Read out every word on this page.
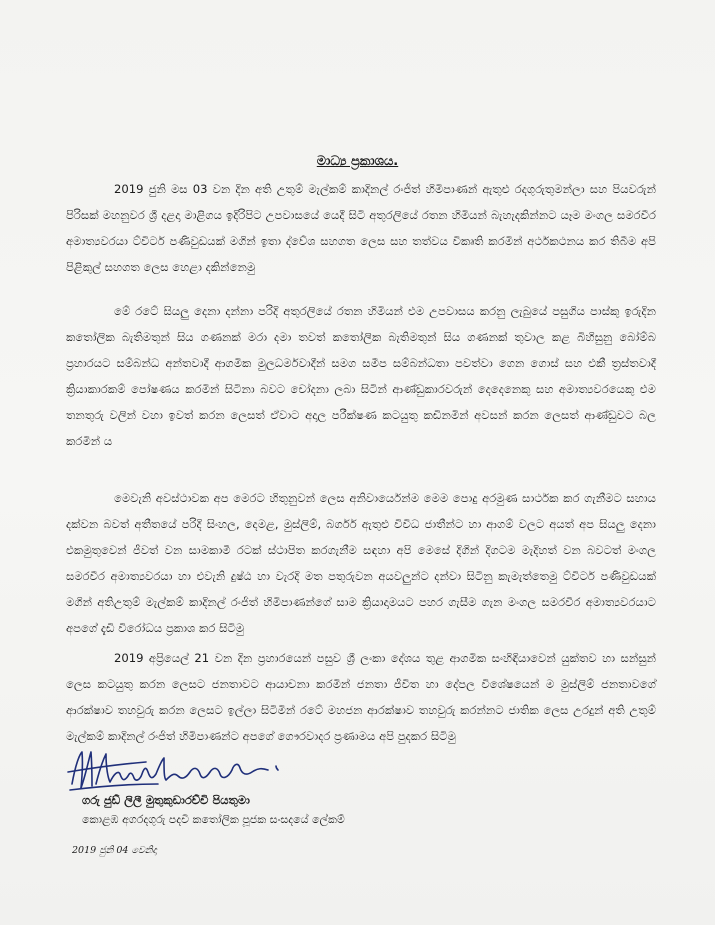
මාධ්‍ය ප්‍රකාශය.

2019 ජුනි මස 03 වන දින අති උතුම් මැල්කම් කාදිනල් රංජිත් හිමිපාණන් ඇතුළු රදගුරුතුමන්ලා සහ පියවරුන් පිරිසක් මහනුවර ශ්‍රී දළදා මාළිගය ඉදිරිපිට උපවාසයේ යෙදී සිටි අතුරලියේ රතන හිමියන් බැහැදකින්නට යෑම මංගල සමරවීර අමාත්‍යවරයා ට්විටර් පණිවුඩයක් මගින් ඉතා ද්වේශ සහගත ලෙස සහ තත්වය විකෘති කරමින් අර්ථකථනය කර තිබීම අපි පිළිකුල් සහගත ලෙස හෙළා දකින්නෙමු

මේ රටේ සියලු දෙනා දන්නා පරිදි අතුරලියේ රතන හිමියන් එම උපවාසය කරනු ලැබුයේ පසුගිය පාස්කු ඉරුදින කතෝලික බැතිමතුන් සිය ගණනක් මරා දමා තවත් කතෝලික බැතිමතුන් සිය ගණනක් තුවාල කළ බිහිසුනු බෝම්බ ප්‍රහාරයට සම්බන්ධ අන්තවාදී ආගමික මුලධර්මවාදීන් සමග සමීප සම්බන්ධතා පවත්වා ගෙන ගොස් සහ එකී ත්‍රස්තවාදී ක්‍රියාකාරකම් පෝෂණය කරමින් සිටිනා බවට චෝදනා ලබා සිටින් ආණ්ඩුකාරවරුන් දෙදෙනෙකු සහ අමාත්‍යවරයෙකු එම තනතුරු වලින් වහා ඉවත් කරන ලෙසත් ඒවාට අදාල පරීක්ෂණ කටයුතු කඩිනමින් අවසන් කරන ලෙසත් ආණ්ඩුවට බල කරමින් ය

මෙවැනි අවස්ථාවක අප මෙරට හිතුනුවන් ලෙස අනිවාර්යෙන්ම මෙම පොදු අරමුණ සාර්ථක කර ගැනීමට සහාය දක්වන බවත් අතීතයේ පරිදි සිංහල, දෙමළ, මුස්ලිම්, බර්ගර් ඇතුළු විවිධ ජාතීන්ට හා ආගම් වලට අයත් අප සියලු දෙනා එකමුතුවෙන් ජීවත් වන සාමකාමී රටක් ස්ථාපිත කරගැනීම සඳහා අපි මෙසේ දිගින් දිගටම මැදිහත් වන බවටත් මංගල සමරවීර අමාත්‍යවරයා හා එවැනි දුෂ්ඨ හා වැරදි මත පතුරුවන අයවලුන්ට දන්වා සිටිනු කැමැත්තෙමු ට්විටර් පණිවුඩයක් මගින් අතිඋතුම් මැල්කම් කාදිනල් රංජිත් හිමිපාණන්ගේ සාම ක්‍රියාදාමයට පහර ගැසීම ගැන මංගල සමරවීර අමාත්‍යවරයාට අපගේ දැඩි විරෝධය ප්‍රකාශ කර සිටිමු

2019 අප්‍රියෙල් 21 වන දින ප්‍රහාරයෙන් පසුව ශ්‍රී ලංකා දේශය තුළ ආගමික සංහිඳියාවෙන් යුක්තව හා සන්සුන් ලෙස කටයුතු කරන ලෙසට ජනතාවට ආයාචනා කරමින් ජනතා ජීවිත හා දේපල විශේෂයෙන් ම මුස්ලිම් ජනතාවගේ ආරක්ෂාව තහවුරු කරන ලෙසට ඉල්ලා සිටිමින් රටේ මහජන ආරක්ෂාව තහවුරු කරන්නට ජාතික ලෙස උරදුන් අති උතුම් මැල්කම් කාදිනල් රංජිත් හිමිපාණන්ට අපගේ ගෞරවාදර ප්‍රණාමය අපි පුදකර සිටිමු

ගරු ජුඩ් ලිලී මුතුකුඩාරච්චි පියතුමා
කොළඹ අගරදගුරු පදවි කතෝලික පූජක සංසදයේ ලේකම්
2019 ජුනි 04 වෙනිදා
